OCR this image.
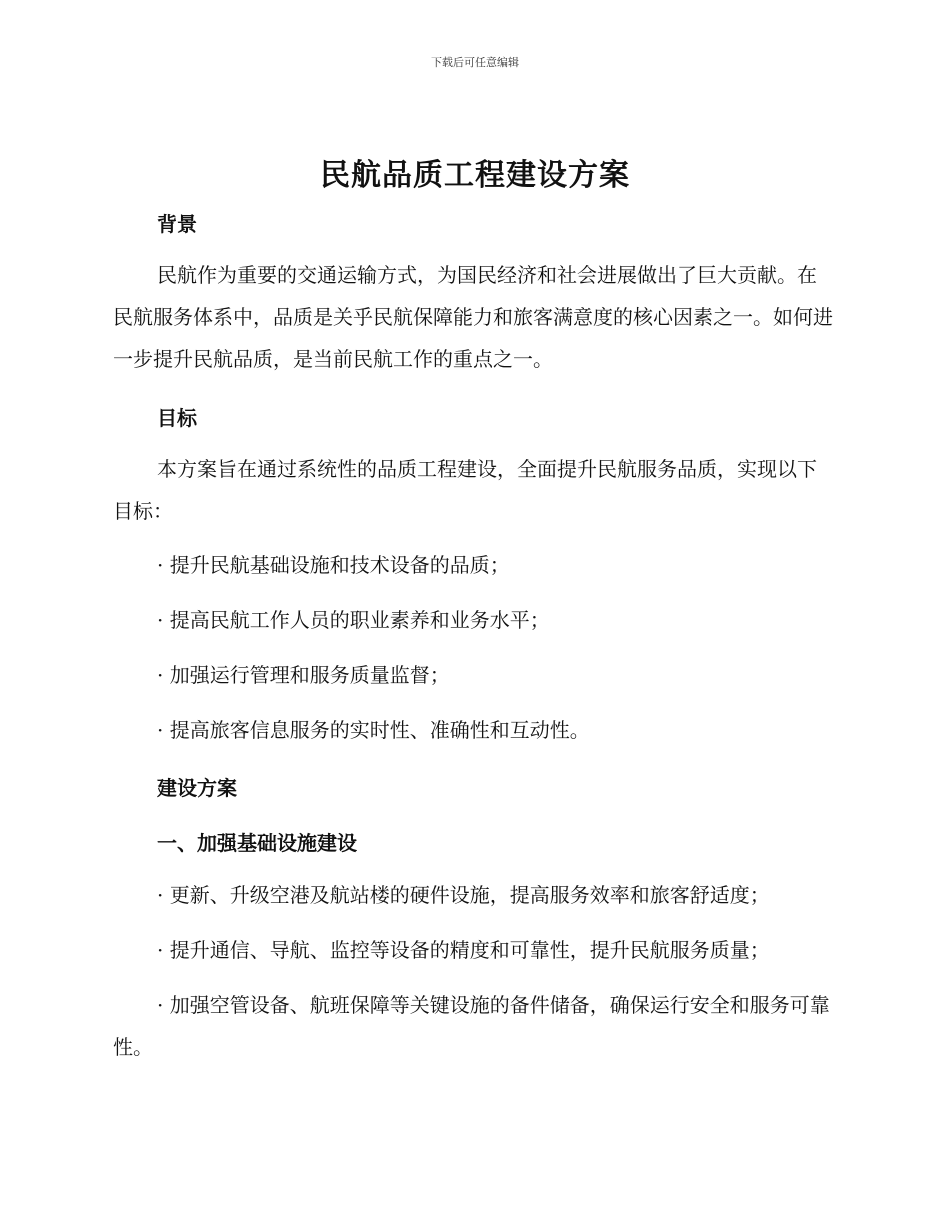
下载后可任意编辑
民航品质工程建设方案
背景

民航作为重要的交通运输方式，为国民经济和社会进展做出了巨大贡献。在民航服务体系中，品质是关乎民航保障能力和旅客满意度的核心因素之一。如何进一步提升民航品质，是当前民航工作的重点之一。

目标

本方案旨在通过系统性的品质工程建设，全面提升民航服务品质，实现以下目标：

· 提升民航基础设施和技术设备的品质；
· 提高民航工作人员的职业素养和业务水平；
· 加强运行管理和服务质量监督；
· 提高旅客信息服务的实时性、准确性和互动性。
建设方案
一、加强基础设施建设
· 更新、升级空港及航站楼的硬件设施，提高服务效率和旅客舒适度；
· 提升通信、导航、监控等设备的精度和可靠性，提升民航服务质量；

· 加强空管设备、航班保障等关键设施的备件储备，确保运行安全和服务可靠性。
